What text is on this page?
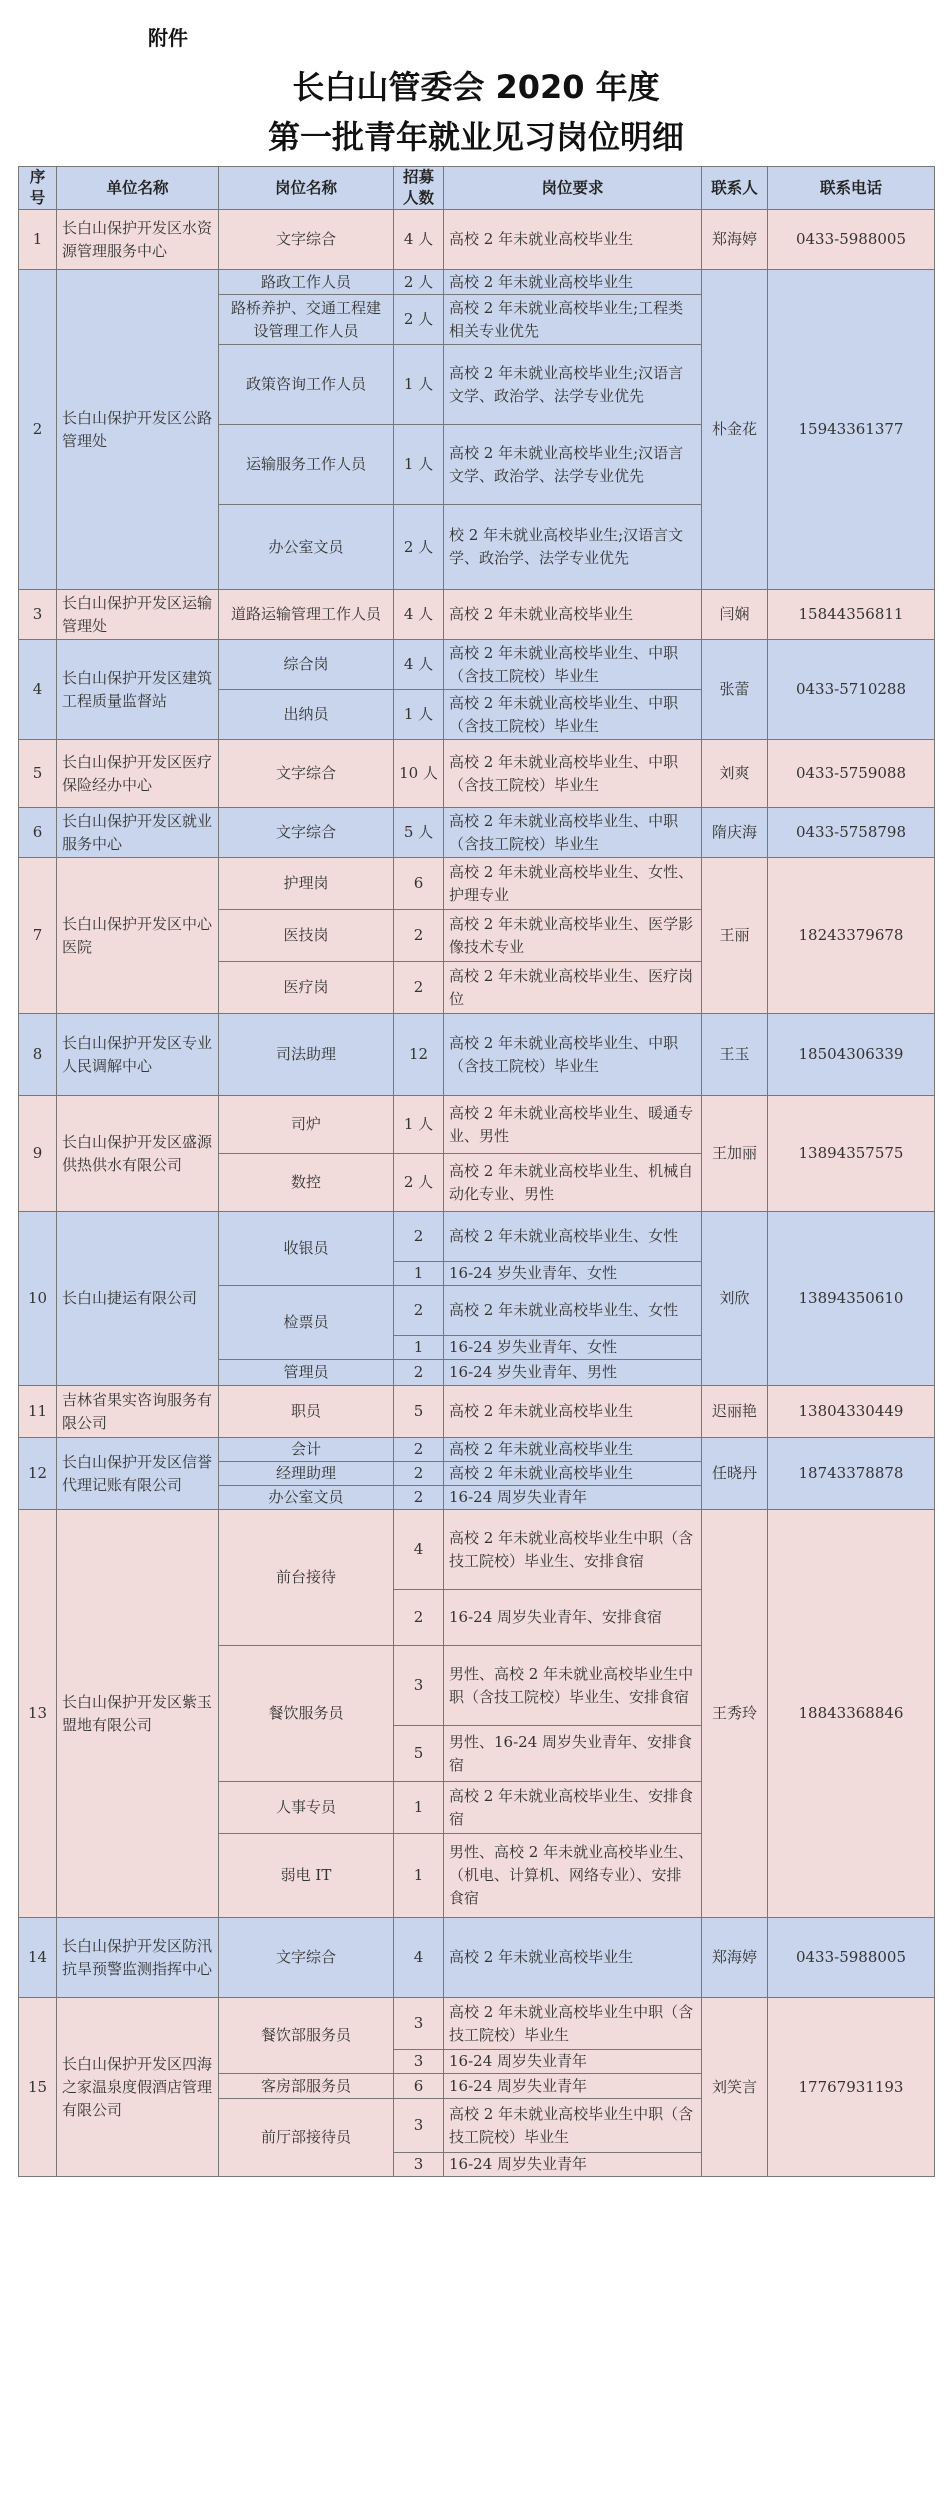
附件
长白山管委会 2020 年度
第一批青年就业见习岗位明细
序号	单位名称	岗位名称	招募人数	岗位要求	联系人	联系电话
1	长白山保护开发区水资源管理服务中心	文字综合	4 人	高校 2 年未就业高校毕业生	郑海婷	0433-5988005
2	长白山保护开发区公路管理处	路政工作人员	2 人	高校 2 年未就业高校毕业生	朴金花	15943361377
		路桥养护、交通工程建设管理工作人员	2 人	高校 2 年未就业高校毕业生;工程类相关专业优先		
		政策咨询工作人员	1 人	高校 2 年未就业高校毕业生;汉语言文学、政治学、法学专业优先		
		运输服务工作人员	1 人	高校 2 年未就业高校毕业生;汉语言文学、政治学、法学专业优先		
		办公室文员	2 人	校 2 年未就业高校毕业生;汉语言文学、政治学、法学专业优先		
3	长白山保护开发区运输管理处	道路运输管理工作人员	4 人	高校 2 年未就业高校毕业生	闫娴	15844356811
4	长白山保护开发区建筑工程质量监督站	综合岗	4 人	高校 2 年未就业高校毕业生、中职（含技工院校）毕业生	张蕾	0433-5710288
		出纳员	1 人	高校 2 年未就业高校毕业生、中职（含技工院校）毕业生		
5	长白山保护开发区医疗保险经办中心	文字综合	10 人	高校 2 年未就业高校毕业生、中职（含技工院校）毕业生	刘爽	0433-5759088
6	长白山保护开发区就业服务中心	文字综合	5 人	高校 2 年未就业高校毕业生、中职（含技工院校）毕业生	隋庆海	0433-5758798
7	长白山保护开发区中心医院	护理岗	6	高校 2 年未就业高校毕业生、女性、护理专业	王丽	18243379678
		医技岗	2	高校 2 年未就业高校毕业生、医学影像技术专业		
		医疗岗	2	高校 2 年未就业高校毕业生、医疗岗位		
8	长白山保护开发区专业人民调解中心	司法助理	12	高校 2 年未就业高校毕业生、中职（含技工院校）毕业生	王玉	18504306339
9	长白山保护开发区盛源供热供水有限公司	司炉	1 人	高校 2 年未就业高校毕业生、暖通专业、男性	王加丽	13894357575
		数控	2 人	高校 2 年未就业高校毕业生、机械自动化专业、男性		
10	长白山捷运有限公司	收银员	2	高校 2 年未就业高校毕业生、女性	刘欣	13894350610
			1	16-24 岁失业青年、女性		
		检票员	2	高校 2 年未就业高校毕业生、女性		
			1	16-24 岁失业青年、女性		
		管理员	2	16-24 岁失业青年、男性		
11	吉林省果实咨询服务有限公司	职员	5	高校 2 年未就业高校毕业生	迟丽艳	13804330449
12	长白山保护开发区信誉代理记账有限公司	会计	2	高校 2 年未就业高校毕业生	任晓丹	18743378878
		经理助理	2	高校 2 年未就业高校毕业生		
		办公室文员	2	16-24 周岁失业青年		
13	长白山保护开发区紫玉盟地有限公司	前台接待	4	高校 2 年未就业高校毕业生中职（含技工院校）毕业生、安排食宿	王秀玲	18843368846
			2	16-24 周岁失业青年、安排食宿		
		餐饮服务员	3	男性、高校 2 年未就业高校毕业生中职（含技工院校）毕业生、安排食宿		
			5	男性、16-24 周岁失业青年、安排食宿		
		人事专员	1	高校 2 年未就业高校毕业生、安排食宿		
		弱电 IT	1	男性、高校 2 年未就业高校毕业生、（机电、计算机、网络专业）、安排食宿		
14	长白山保护开发区防汛抗旱预警监测指挥中心	文字综合	4	高校 2 年未就业高校毕业生	郑海婷	0433-5988005
15	长白山保护开发区四海之家温泉度假酒店管理有限公司	餐饮部服务员	3	高校 2 年未就业高校毕业生中职（含技工院校）毕业生	刘笑言	17767931193
			3	16-24 周岁失业青年		
		客房部服务员	6	16-24 周岁失业青年		
		前厅部接待员	3	高校 2 年未就业高校毕业生中职（含技工院校）毕业生		
			3	16-24 周岁失业青年		
